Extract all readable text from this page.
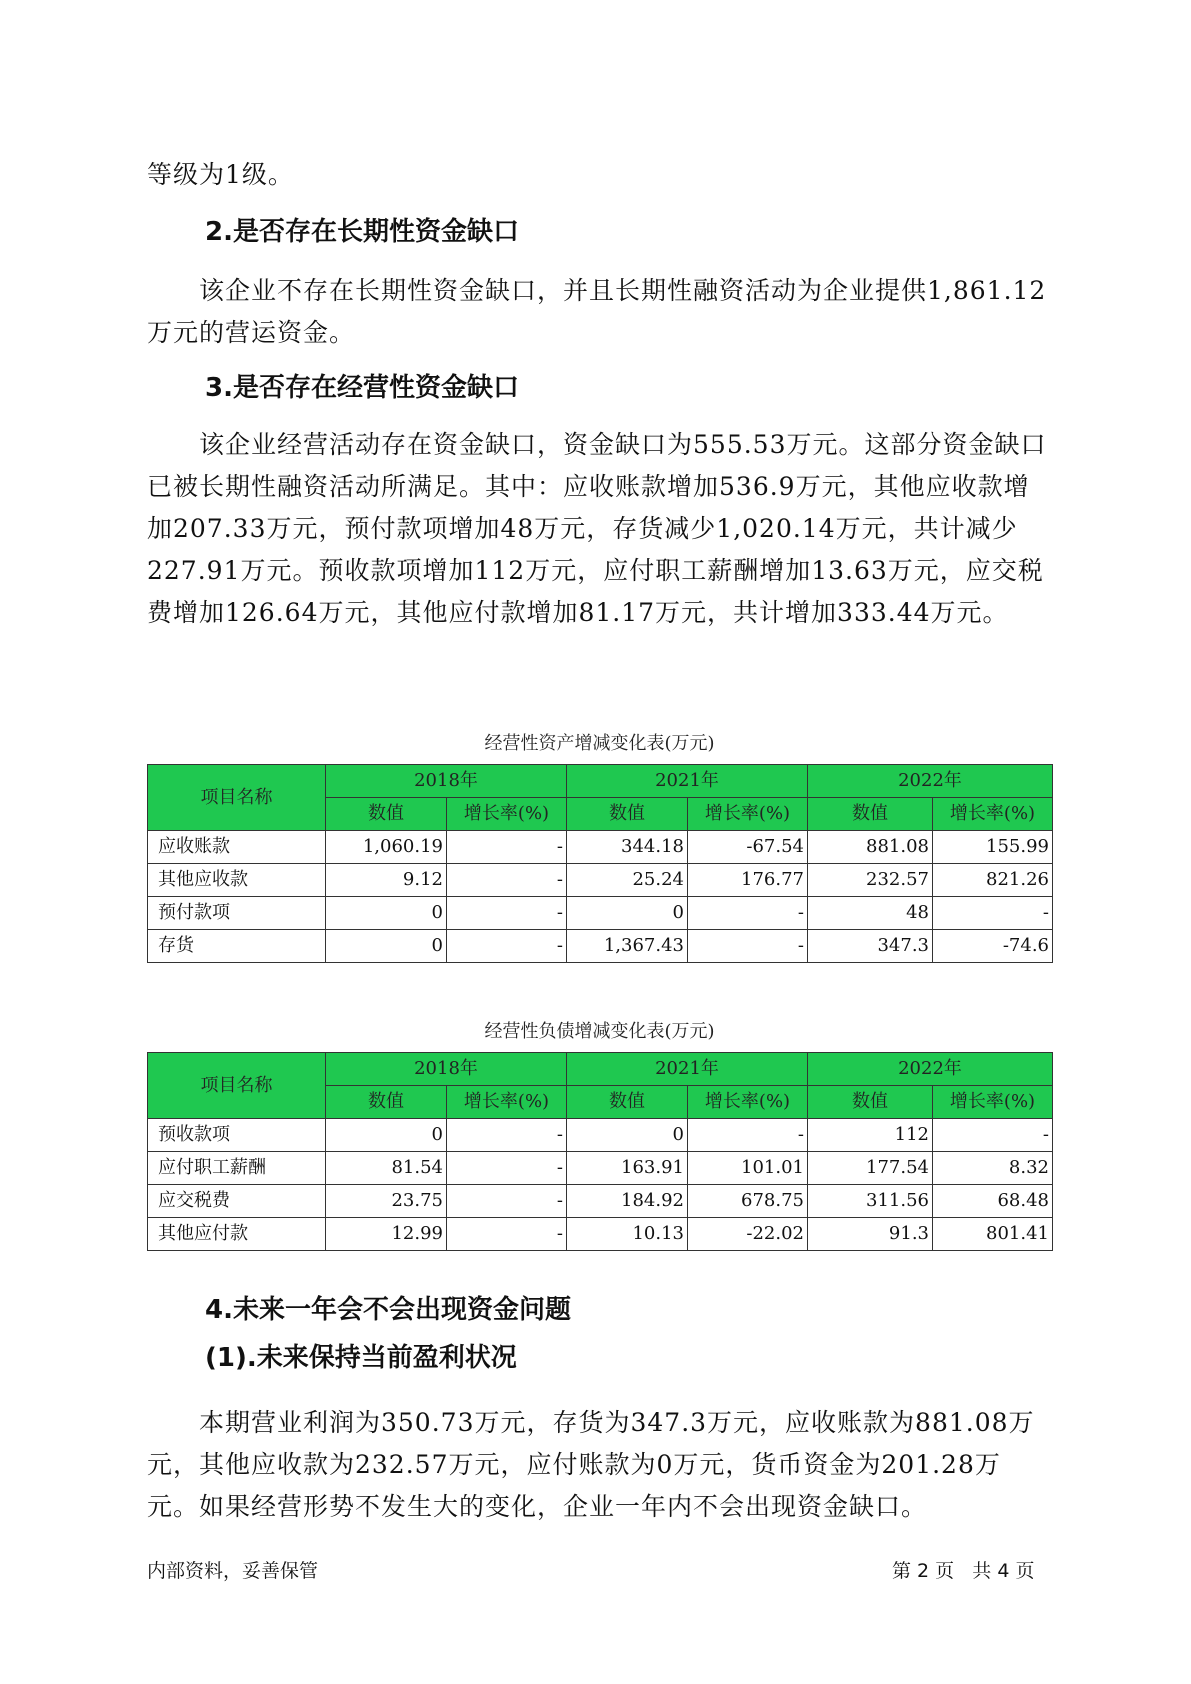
等级为1级。

2.是否存在长期性资金缺口

该企业不存在长期性资金缺口，并且长期性融资活动为企业提供1,861.12万元的营运资金。

3.是否存在经营性资金缺口

该企业经营活动存在资金缺口，资金缺口为555.53万元。这部分资金缺口已被长期性融资活动所满足。其中：应收账款增加536.9万元，其他应收款增加207.33万元，预付款项增加48万元，存货减少1,020.14万元，共计减少227.91万元。预收款项增加112万元，应付职工薪酬增加13.63万元，应交税费增加126.64万元，其他应付款增加81.17万元，共计增加333.44万元。

经营性资产增减变化表(万元)
项目名称	2018年		2021年		2022年	
	数值	增长率(%)	数值	增长率(%)	数值	增长率(%)
应收账款	1,060.19	-	344.18	-67.54	881.08	155.99
其他应收款	9.12	-	25.24	176.77	232.57	821.26
预付款项	0	-	0	-	48	-
存货	0	-	1,367.43	-	347.3	-74.6
经营性负债增减变化表(万元)
项目名称	2018年		2021年		2022年	
	数值	增长率(%)	数值	增长率(%)	数值	增长率(%)
预收款项	0	-	0	-	112	-
应付职工薪酬	81.54	-	163.91	101.01	177.54	8.32
应交税费	23.75	-	184.92	678.75	311.56	68.48
其他应付款	12.99	-	10.13	-22.02	91.3	801.41
4.未来一年会不会出现资金问题
(1).未来保持当前盈利状况

本期营业利润为350.73万元，存货为347.3万元，应收账款为881.08万元，其他应收款为232.57万元，应付账款为0万元，货币资金为201.28万元。如果经营形势不发生大的变化，企业一年内不会出现资金缺口。

内部资料，妥善保管	第 2 页   共 4 页
